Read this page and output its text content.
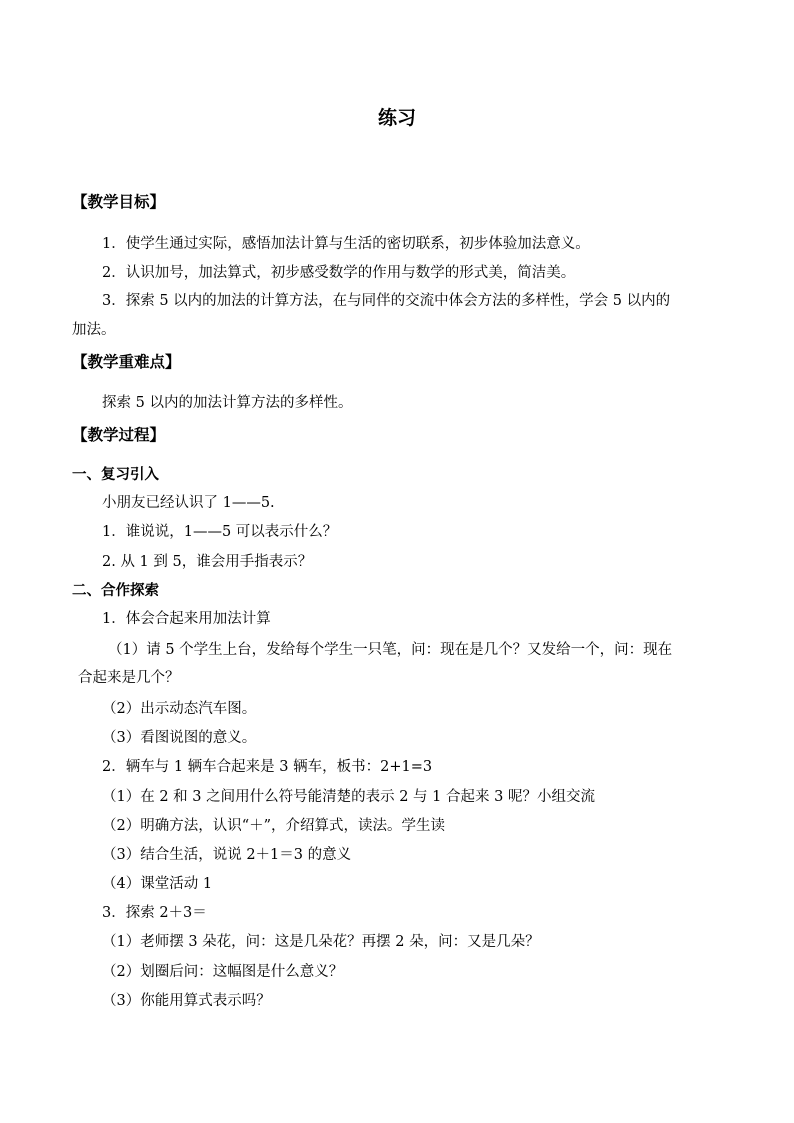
练习
【教学目标】
1．使学生通过实际，感悟加法计算与生活的密切联系，初步体验加法意义。
2．认识加号，加法算式，初步感受数学的作用与数学的形式美，简洁美。
3．探索 5 以内的加法的计算方法，在与同伴的交流中体会方法的多样性，学会 5 以内的
加法。
【教学重难点】
探索 5 以内的加法计算方法的多样性。
【教学过程】
一、复习引入
小朋友已经认识了 1——5.
1．谁说说，1——5 可以表示什么？
2. 从 1 到 5，谁会用手指表示？
二、合作探索
1．体会合起来用加法计算
（1）请 5 个学生上台，发给每个学生一只笔，问：现在是几个？又发给一个，问：现在
合起来是几个？
（2）出示动态汽车图。
（3）看图说图的意义。
2．辆车与 1 辆车合起来是 3 辆车，板书：2+1=3
（1）在 2 和 3 之间用什么符号能清楚的表示 2 与 1 合起来 3 呢？小组交流
（2）明确方法，认识“＋”，介绍算式，读法。学生读
（3）结合生活，说说 2＋1＝3 的意义
（4）课堂活动 1
3．探索 2＋3＝
（1）老师摆 3 朵花，问：这是几朵花？再摆 2 朵，问：又是几朵？
（2）划圈后问：这幅图是什么意义？
（3）你能用算式表示吗？
